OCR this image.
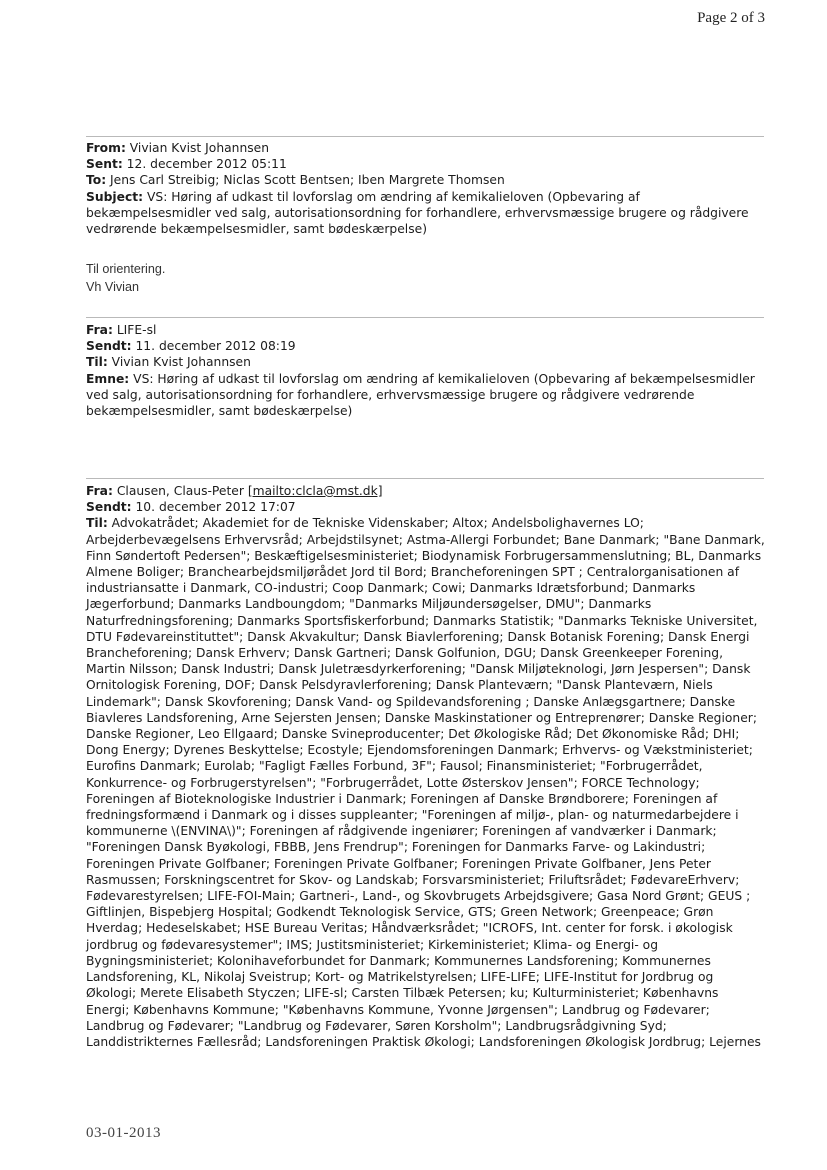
Page 2 of 3
From: Vivian Kvist Johannsen
Sent: 12. december 2012 05:11
To: Jens Carl Streibig; Niclas Scott Bentsen; Iben Margrete Thomsen
Subject: VS: Høring af udkast til lovforslag om ændring af kemikalieloven (Opbevaring af
bekæmpelsesmidler ved salg, autorisationsordning for forhandlere, erhvervsmæssige brugere og rådgivere
vedrørende bekæmpelsesmidler, samt bødeskærpelse)
Til orientering.
Vh Vivian
Fra: LIFE-sl
Sendt: 11. december 2012 08:19
Til: Vivian Kvist Johannsen
Emne: VS: Høring af udkast til lovforslag om ændring af kemikalieloven (Opbevaring af bekæmpelsesmidler
ved salg, autorisationsordning for forhandlere, erhvervsmæssige brugere og rådgivere vedrørende
bekæmpelsesmidler, samt bødeskærpelse)
Fra: Clausen, Claus-Peter [mailto:clcla@mst.dk]
Sendt: 10. december 2012 17:07
Til: Advokatrådet; Akademiet for de Tekniske Videnskaber; Altox; Andelsbolighavernes LO;
Arbejderbevægelsens Erhvervsråd; Arbejdstilsynet; Astma-Allergi Forbundet; Bane Danmark; "Bane Danmark,
Finn Søndertoft Pedersen"; Beskæftigelsesministeriet; Biodynamisk Forbrugersammenslutning; BL, Danmarks
Almene Boliger; Branchearbejdsmiljørådet Jord til Bord; Brancheforeningen SPT ; Centralorganisationen af
industriansatte i Danmark, CO-industri; Coop Danmark; Cowi; Danmarks Idrætsforbund; Danmarks
Jægerforbund; Danmarks Landboungdom; "Danmarks Miljøundersøgelser, DMU"; Danmarks
Naturfredningsforening; Danmarks Sportsfiskerforbund; Danmarks Statistik; "Danmarks Tekniske Universitet,
DTU Fødevareinstituttet"; Dansk Akvakultur; Dansk Biavlerforening; Dansk Botanisk Forening; Dansk Energi
Brancheforening; Dansk Erhverv; Dansk Gartneri; Dansk Golfunion, DGU; Dansk Greenkeeper Forening,
Martin Nilsson; Dansk Industri; Dansk Juletræsdyrkerforening; "Dansk Miljøteknologi, Jørn Jespersen"; Dansk
Ornitologisk Forening, DOF; Dansk Pelsdyravlerforening; Dansk Planteværn; "Dansk Planteværn, Niels
Lindemark"; Dansk Skovforening; Dansk Vand- og Spildevandsforening ; Danske Anlægsgartnere; Danske
Biavleres Landsforening, Arne Sejersten Jensen; Danske Maskinstationer og Entreprenører; Danske Regioner;
Danske Regioner, Leo Ellgaard; Danske Svineproducenter; Det Økologiske Råd; Det Økonomiske Råd; DHI;
Dong Energy; Dyrenes Beskyttelse; Ecostyle; Ejendomsforeningen Danmark; Erhvervs- og Vækstministeriet;
Eurofins Danmark; Eurolab; "Fagligt Fælles Forbund, 3F"; Fausol; Finansministeriet; "Forbrugerrådet,
Konkurrence- og Forbrugerstyrelsen"; "Forbrugerrådet, Lotte Østerskov Jensen"; FORCE Technology;
Foreningen af Bioteknologiske Industrier i Danmark; Foreningen af Danske Brøndborere; Foreningen af
fredningsformænd i Danmark og i disses suppleanter; "Foreningen af miljø-, plan- og naturmedarbejdere i
kommunerne \(ENVINA\)"; Foreningen af rådgivende ingeniører; Foreningen af vandværker i Danmark;
"Foreningen Dansk Byøkologi, FBBB, Jens Frendrup"; Foreningen for Danmarks Farve- og Lakindustri;
Foreningen Private Golfbaner; Foreningen Private Golfbaner; Foreningen Private Golfbaner, Jens Peter
Rasmussen; Forskningscentret for Skov- og Landskab; Forsvarsministeriet; Friluftsrådet; FødevareErhverv;
Fødevarestyrelsen; LIFE-FOI-Main; Gartneri-, Land-, og Skovbrugets Arbejdsgivere; Gasa Nord Grønt; GEUS ;
Giftlinjen, Bispebjerg Hospital; Godkendt Teknologisk Service, GTS; Green Network; Greenpeace; Grøn
Hverdag; Hedeselskabet; HSE Bureau Veritas; Håndværksrådet; "ICROFS, Int. center for forsk. i økologisk
jordbrug og fødevaresystemer"; IMS; Justitsministeriet; Kirkeministeriet; Klima- og Energi- og
Bygningsministeriet; Kolonihaveforbundet for Danmark; Kommunernes Landsforening; Kommunernes
Landsforening, KL, Nikolaj Sveistrup; Kort- og Matrikelstyrelsen; LIFE-LIFE; LIFE-Institut for Jordbrug og
Økologi; Merete Elisabeth Styczen; LIFE-sl; Carsten Tilbæk Petersen; ku; Kulturministeriet; Københavns
Energi; Københavns Kommune; "Københavns Kommune, Yvonne Jørgensen"; Landbrug og Fødevarer;
Landbrug og Fødevarer; "Landbrug og Fødevarer, Søren Korsholm"; Landbrugsrådgivning Syd;
Landdistrikternes Fællesråd; Landsforeningen Praktisk Økologi; Landsforeningen Økologisk Jordbrug; Lejernes
03-01-2013
